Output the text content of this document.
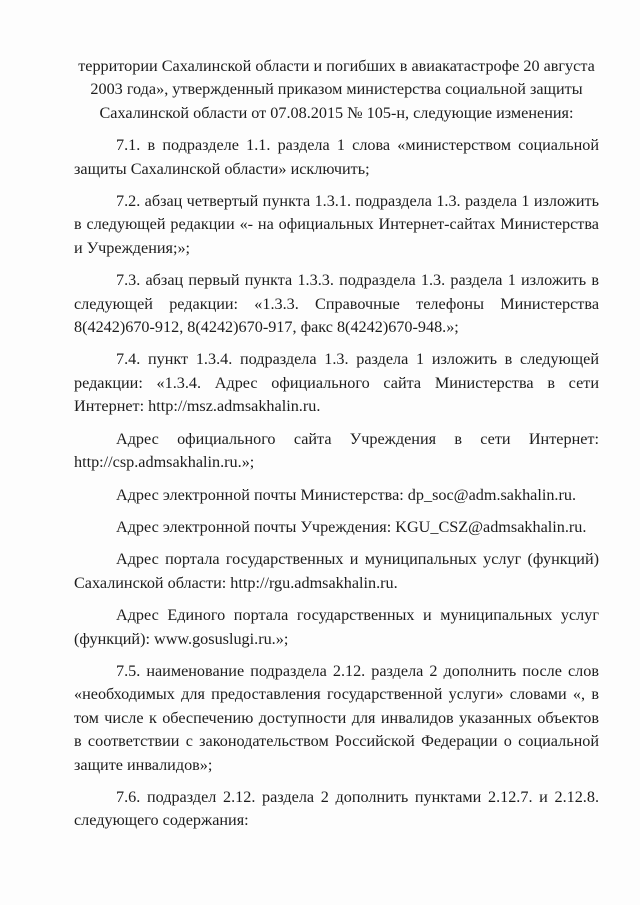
территории Сахалинской области и погибших в авиакатастрофе 20 августа 2003 года», утвержденный приказом министерства социальной защиты Сахалинской области от 07.08.2015 № 105-н, следующие изменения:

7.1. в подразделе 1.1. раздела 1 слова «министерством социальной защиты Сахалинской области» исключить;

7.2. абзац четвертый пункта 1.3.1. подраздела 1.3. раздела 1 изложить в следующей редакции «- на официальных Интернет-сайтах Министерства и Учреждения;»;

7.3. абзац первый пункта 1.3.3. подраздела 1.3. раздела 1 изложить в следующей редакции: «1.3.3. Справочные телефоны Министерства 8(4242)670-912, 8(4242)670-917, факс 8(4242)670-948.»;

7.4. пункт 1.3.4. подраздела 1.3. раздела 1 изложить в следующей редакции: «1.3.4. Адрес официального сайта Министерства в сети Интернет: http://msz.admsakhalin.ru.

Адрес официального сайта Учреждения в сети Интернет: http://csp.admsakhalin.ru.»;

Адрес электронной почты Министерства: dp_soc@adm.sakhalin.ru.

Адрес электронной почты Учреждения: KGU_CSZ@admsakhalin.ru.

Адрес портала государственных и муниципальных услуг (функций) Сахалинской области: http://rgu.admsakhalin.ru.

Адрес Единого портала государственных и муниципальных услуг (функций): www.gosuslugi.ru.»;

7.5. наименование подраздела 2.12. раздела 2 дополнить после слов «необходимых для предоставления государственной услуги» словами «, в том числе к обеспечению доступности для инвалидов указанных объектов в соответствии с законодательством Российской Федерации о социальной защите инвалидов»;

7.6. подраздел 2.12. раздела 2 дополнить пунктами 2.12.7. и 2.12.8. следующего содержания:
